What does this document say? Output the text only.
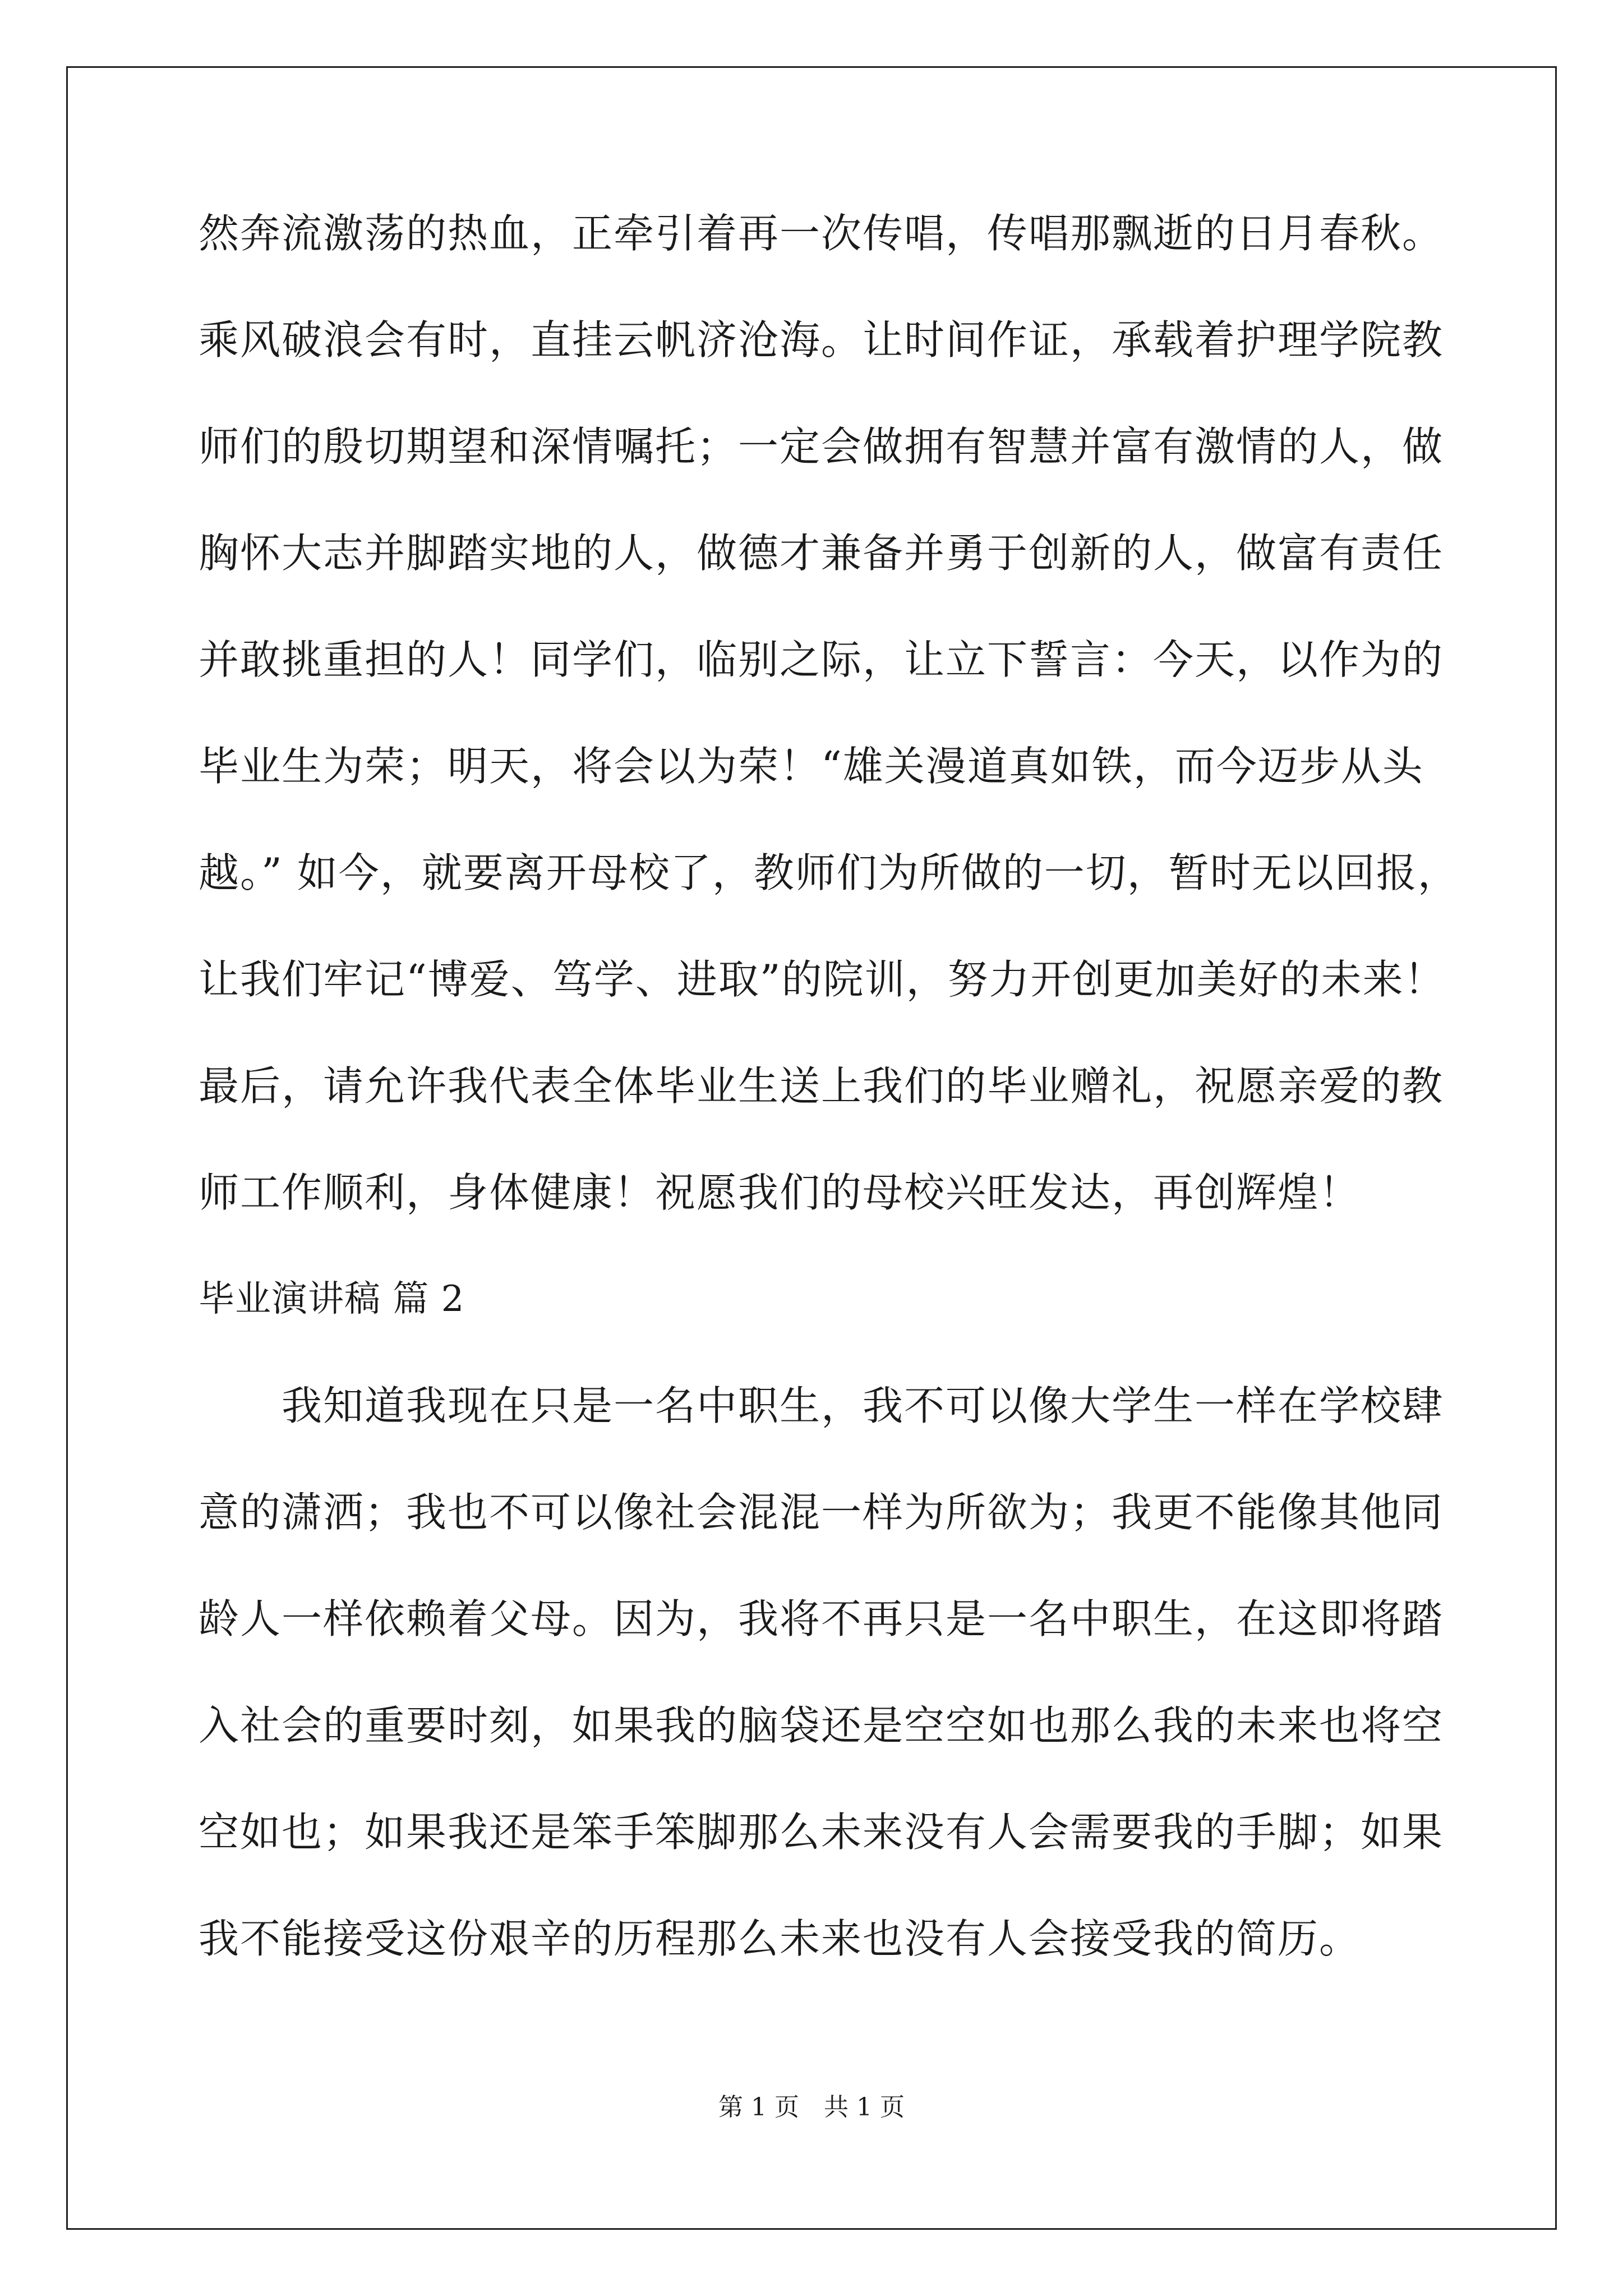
然奔流激荡的热血，正牵引着再一次传唱，传唱那飘逝的日月春秋。
乘风破浪会有时，直挂云帆济沧海。让时间作证，承载着护理学院教
师们的殷切期望和深情嘱托；一定会做拥有智慧并富有激情的人，做
胸怀大志并脚踏实地的人，做德才兼备并勇于创新的人，做富有责任
并敢挑重担的人！同学们，临别之际，让立下誓言：今天，以作为的
毕业生为荣；明天，将会以为荣！“雄关漫道真如铁，而今迈步从头
越。” 如今，就要离开母校了，教师们为所做的一切，暂时无以回报，
让我们牢记“博爱、笃学、进取”的院训，努力开创更加美好的未来！
最后，请允许我代表全体毕业生送上我们的毕业赠礼，祝愿亲爱的教
师工作顺利，身体健康！祝愿我们的母校兴旺发达，再创辉煌！
毕业演讲稿 篇 2
我知道我现在只是一名中职生，我不可以像大学生一样在学校肆
意的潇洒；我也不可以像社会混混一样为所欲为；我更不能像其他同
龄人一样依赖着父母。因为，我将不再只是一名中职生，在这即将踏
入社会的重要时刻，如果我的脑袋还是空空如也那么我的未来也将空
空如也；如果我还是笨手笨脚那么未来没有人会需要我的手脚；如果
我不能接受这份艰辛的历程那么未来也没有人会接受我的简历。
第 1 页　共 1 页
